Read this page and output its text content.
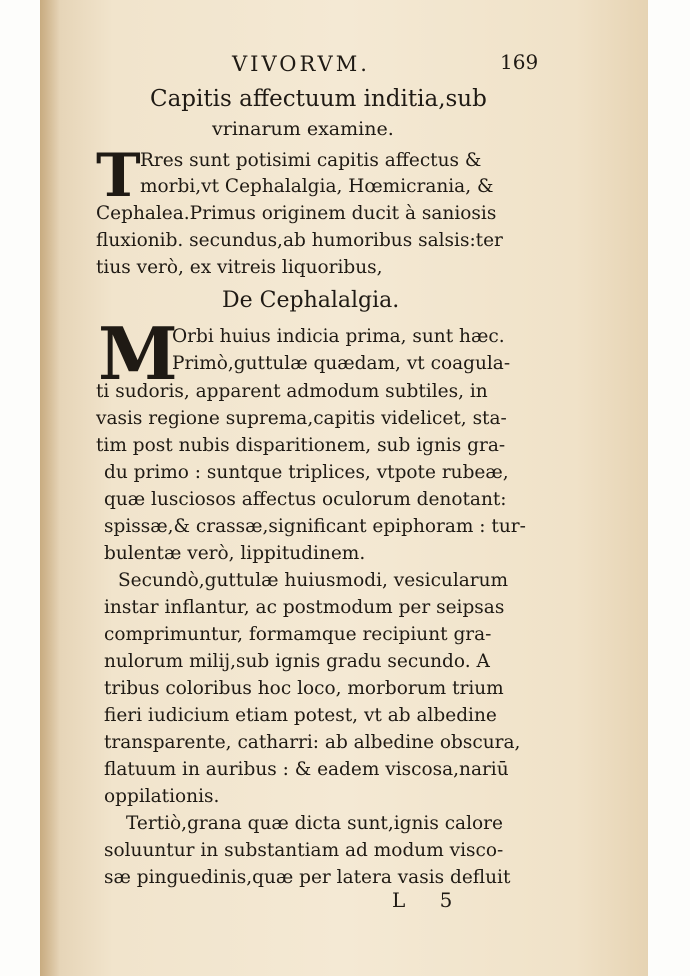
VIVORVM.	169
Capitis affectuum inditia,sub
vrinarum examine.
T Rres sunt potisimi capitis affectus &
morbi,vt Cephalalgia, Hœmicrania, &
Cephalea.Primus originem ducit à saniosis
fluxionib. secundus,ab humoribus salsis:ter
tius verò, ex vitreis liquoribus,
De Cephalalgia.
M
Orbi huius indicia prima, sunt hæc.
Primò,guttulæ quædam, vt coagula-
ti sudoris, apparent admodum subtiles, in
vasis regione suprema,capitis videlicet, sta-
tim post nubis disparitionem, sub ignis gra-
du primo : suntque triplices, vtpote rubeæ,
quæ lusciosos affectus oculorum denotant:
spissæ,& crassæ,significant epiphoram : tur-
bulentæ verò, lippitudinem.
Secundò,guttulæ huiusmodi, vesicularum
instar inflantur, ac postmodum per seipsas
comprimuntur, formamque recipiunt gra-
nulorum milij,sub ignis gradu secundo. A
tribus coloribus hoc loco, morborum trium
fieri iudicium etiam potest, vt ab albedine
transparente, catharri: ab albedine obscura,
flatuum in auribus : & eadem viscosa,nariū
oppilationis.
Tertiò,grana quæ dicta sunt,ignis calore
soluuntur in substantiam ad modum visco-
sæ pinguedinis,quæ per latera vasis defluit
L 5
